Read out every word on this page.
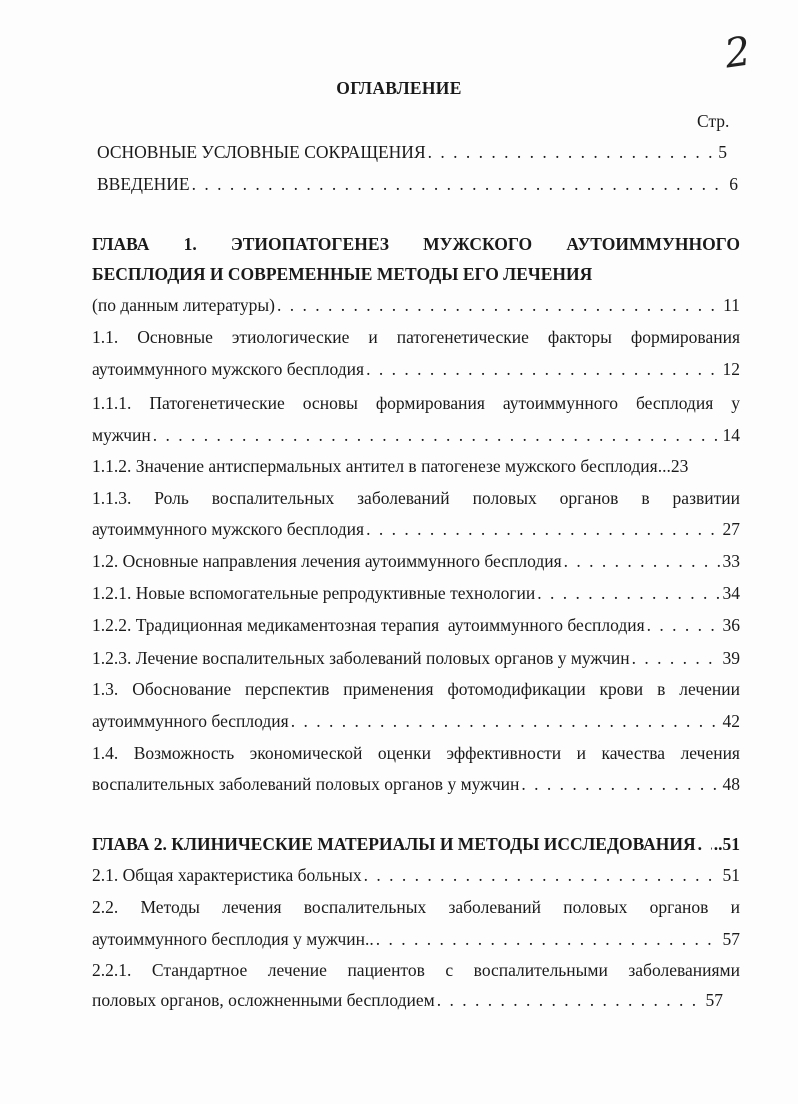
2
ОГЛАВЛЕНИЕ
Стр.
ОСНОВНЫЕ УСЛОВНЫЕ СОКРАЩЕНИЯ . . .	5
ВВЕДЕНИЕ . . .	6
ГЛАВА 1. ЭТИОПАТОГЕНЕЗ МУЖСКОГО АУТОИММУННОГО
БЕСПЛОДИЯ И СОВРЕМЕННЫЕ МЕТОДЫ ЕГО ЛЕЧЕНИЯ
(по данным литературы) . . .	11
1.1. Основные этиологические и патогенетические факторы формирования
аутоиммунного мужского бесплодия . . .	12
1.1.1. Патогенетические основы формирования аутоиммунного бесплодия у
мужчин . . .	14
1.1.2. Значение антиспермальных антител в патогенезе мужского бесплодия ...23
1.1.3. Роль воспалительных заболеваний половых органов в развитии
аутоиммунного мужского бесплодия . . .	27
1.2. Основные направления лечения аутоиммунного бесплодия . . .	33
1.2.1. Новые вспомогательные репродуктивные технологии . . .	34
1.2.2. Традиционная медикаментозная терапия  аутоиммунного бесплодия . . .	36
1.2.3. Лечение воспалительных заболеваний половых органов у мужчин . . .	39
1.3. Обоснование перспектив применения фотомодификации крови в лечении
аутоиммунного бесплодия . . .	42
1.4. Возможность экономической оценки эффективности и качества лечения
воспалительных заболеваний половых органов у мужчин . . .	48
ГЛАВА 2. КЛИНИЧЕСКИЕ МАТЕРИАЛЫ И МЕТОДЫ ИССЛЕДОВАНИЯ . . . ..51
2.1. Общая характеристика больных . . .	51
2.2. Методы лечения воспалительных заболеваний половых органов и
аутоиммунного бесплодия у мужчин.. . . .	57
2.2.1. Стандартное лечение пациентов с воспалительными заболеваниями
половых органов, осложненными бесплодием . . .	57
